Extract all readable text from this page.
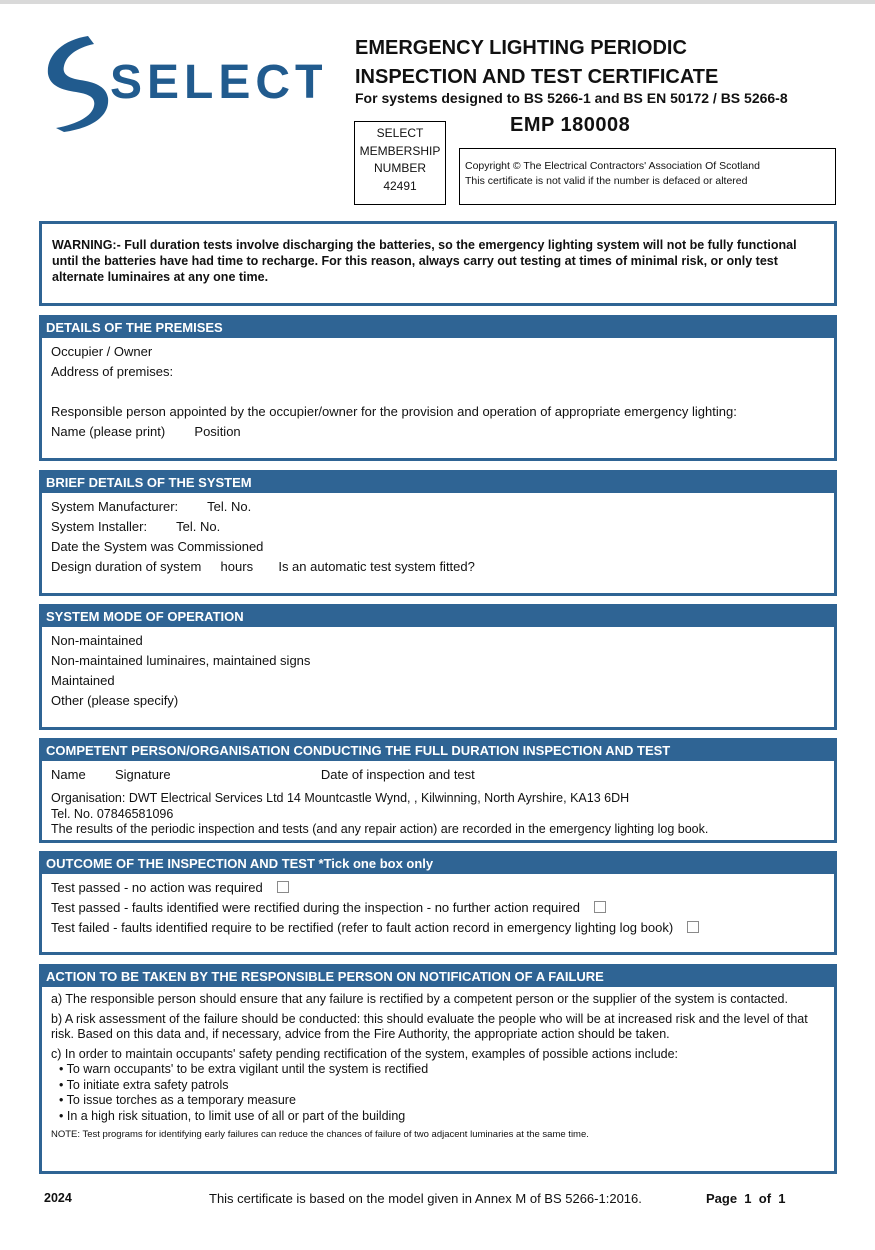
SELECT
EMERGENCY LIGHTING PERIODIC
INSPECTION AND TEST CERTIFICATE
For systems designed to BS 5266-1 and BS EN 50172 / BS 5266-8
EMP 180008
SELECT
MEMBERSHIP
NUMBER
42491
Copyright © The Electrical Contractors' Association Of Scotland
This certificate is not valid if the number is defaced or altered
WARNING:- Full duration tests involve discharging the batteries, so the emergency lighting system will not be fully functional until the batteries have had time to recharge. For this reason, always carry out testing at times of minimal risk, or only test alternate luminaires at any one time.
DETAILS OF THE PREMISES
Occupier / Owner
Address of premises:
Responsible person appointed by the occupier/owner for the provision and operation of appropriate emergency lighting:
Name (please print) Position
BRIEF DETAILS OF THE SYSTEM
System Manufacturer: Tel. No.
System Installer: Tel. No.
Date the System was Commissioned
Design duration of system hours Is an automatic test system fitted?
SYSTEM MODE OF OPERATION
Non-maintained
Non-maintained luminaires, maintained signs
Maintained
Other (please specify)
COMPETENT PERSON/ORGANISATION CONDUCTING THE FULL DURATION INSPECTION AND TEST
Name Signature	Date of inspection and test
Organisation: DWT Electrical Services Ltd 14 Mountcastle Wynd, , Kilwinning, North Ayrshire, KA13 6DH
Tel. No. 07846581096
The results of the periodic inspection and tests (and any repair action) are recorded in the emergency lighting log book.
OUTCOME OF THE INSPECTION AND TEST *Tick one box only
Test passed - no action was required
Test passed - faults identified were rectified during the inspection - no further action required
Test failed - faults identified require to be rectified (refer to fault action record in emergency lighting log book)
ACTION TO BE TAKEN BY THE RESPONSIBLE PERSON ON NOTIFICATION OF A FAILURE
a) The responsible person should ensure that any failure is rectified by a competent person or the supplier of the system is contacted.
b) A risk assessment of the failure should be conducted: this should evaluate the people who will be at increased risk and the level of that risk. Based on this data and, if necessary, advice from the Fire Authority, the appropriate action should be taken.
c) In order to maintain occupants' safety pending rectification of the system, examples of possible actions include:
• To warn occupants' to be extra vigilant until the system is rectified
• To initiate extra safety patrols
• To issue torches as a temporary measure
• In a high risk situation, to limit use of all or part of the building
NOTE: Test programs for identifying early failures can reduce the chances of failure of two adjacent luminaries at the same time.
2024	This certificate is based on the model given in Annex M of BS 5266-1:2016.	Page  1  of  1
